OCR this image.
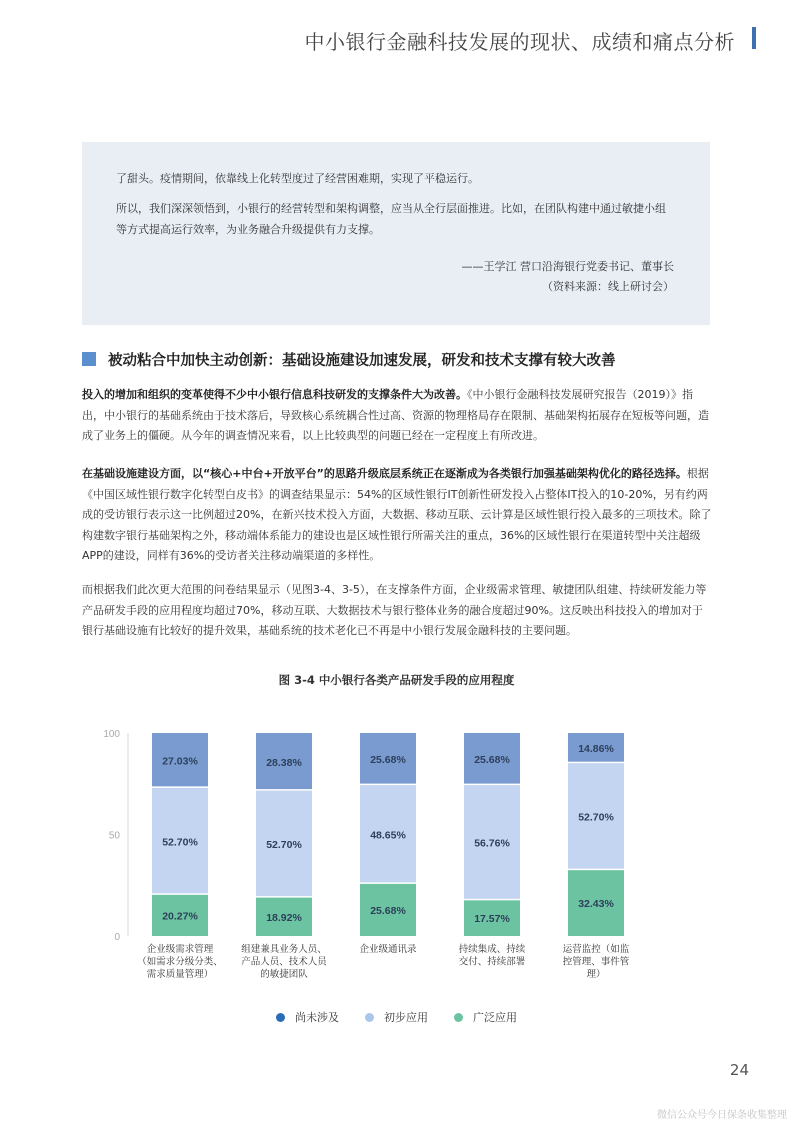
中小银行金融科技发展的现状、成绩和痛点分析

了甜头。疫情期间，依靠线上化转型度过了经营困难期，实现了平稳运行。

所以，我们深深领悟到，小银行的经营转型和架构调整，应当从全行层面推进。比如，在团队构建中通过敏捷小组等方式提高运行效率，为业务融合升级提供有力支撑。

——王学江 营口沿海银行党委书记、董事长
（资料来源：线上研讨会）
被动粘合中加快主动创新：基础设施建设加速发展，研发和技术支撑有较大改善

投入的增加和组织的变革使得不少中小银行信息科技研发的支撑条件大为改善。《中小银行金融科技发展研究报告（2019）》指出，中小银行的基础系统由于技术落后，导致核心系统耦合性过高、资源的物理格局存在限制、基础架构拓展存在短板等问题，造成了业务上的僵硬。从今年的调查情况来看，以上比较典型的问题已经在一定程度上有所改进。

在基础设施建设方面，以“核心+中台+开放平台”的思路升级底层系统正在逐渐成为各类银行加强基础架构优化的路径选择。根据《中国区域性银行数字化转型白皮书》的调查结果显示：54%的区域性银行IT创新性研发投入占整体IT投入的10-20%，另有约两成的受访银行表示这一比例超过20%，在新兴技术投入方面，大数据、移动互联、云计算是区域性银行投入最多的三项技术。除了构建数字银行基础架构之外，移动端体系能力的建设也是区域性银行所需关注的重点，36%的区域性银行在渠道转型中关注超级APP的建设，同样有36%的受访者关注移动端渠道的多样性。

而根据我们此次更大范围的问卷结果显示（见图3-4、3-5），在支撑条件方面，企业级需求管理、敏捷团队组建、持续研发能力等产品研发手段的应用程度均超过70%，移动互联、大数据技术与银行整体业务的融合度超过90%。这反映出科技投入的增加对于银行基础设施有比较好的提升效果，基础系统的技术老化已不再是中小银行发展金融科技的主要问题。

图 3-4 中小银行各类产品研发手段的应用程度
0
50
100
20.27%
52.70%
27.03%
企业级需求管理
（如需求分级分类、
需求质量管理）
18.92%
52.70%
28.38%
组建兼具业务人员、
产品人员、技术人员
的敏捷团队
25.68%
48.65%
25.68%
企业级通讯录
17.57%
56.76%
25.68%
持续集成、持续
交付、持续部署
32.43%
52.70%
14.86%
运营监控（如监
控管理、事件管
理）
尚未涉及	初步应用	广泛应用
24
微信公众号今日保条收集整理
